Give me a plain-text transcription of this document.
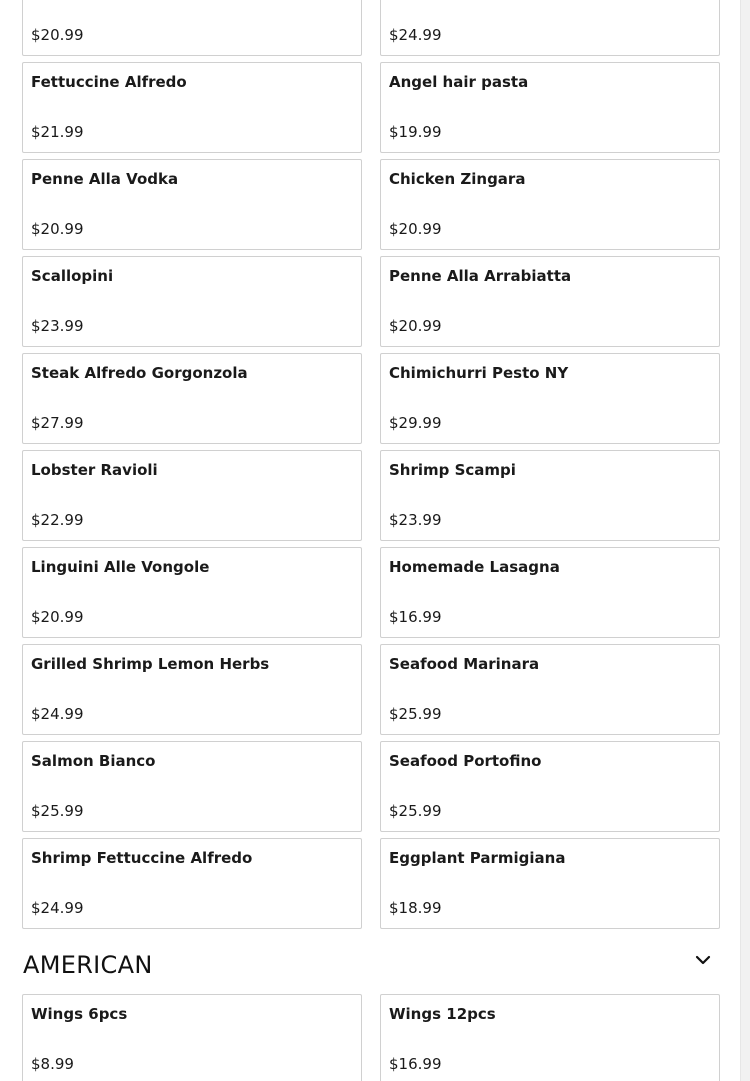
$20.99	$24.99
Fettuccine Alfredo
$21.99
Angel hair pasta
$19.99
Penne Alla Vodka
$20.99
Chicken Zingara
$20.99
Scallopini
$23.99
Penne Alla Arrabiatta
$20.99
Steak Alfredo Gorgonzola
$27.99
Chimichurri Pesto NY
$29.99
Lobster Ravioli
$22.99
Shrimp Scampi
$23.99
Linguini Alle Vongole
$20.99
Homemade Lasagna
$16.99
Grilled Shrimp Lemon Herbs
$24.99
Seafood Marinara
$25.99
Salmon Bianco
$25.99
Seafood Portofino
$25.99
Shrimp Fettuccine Alfredo
$24.99
Eggplant Parmigiana
$18.99
AMERICAN
Wings 6pcs
$8.99
Wings 12pcs
$16.99
